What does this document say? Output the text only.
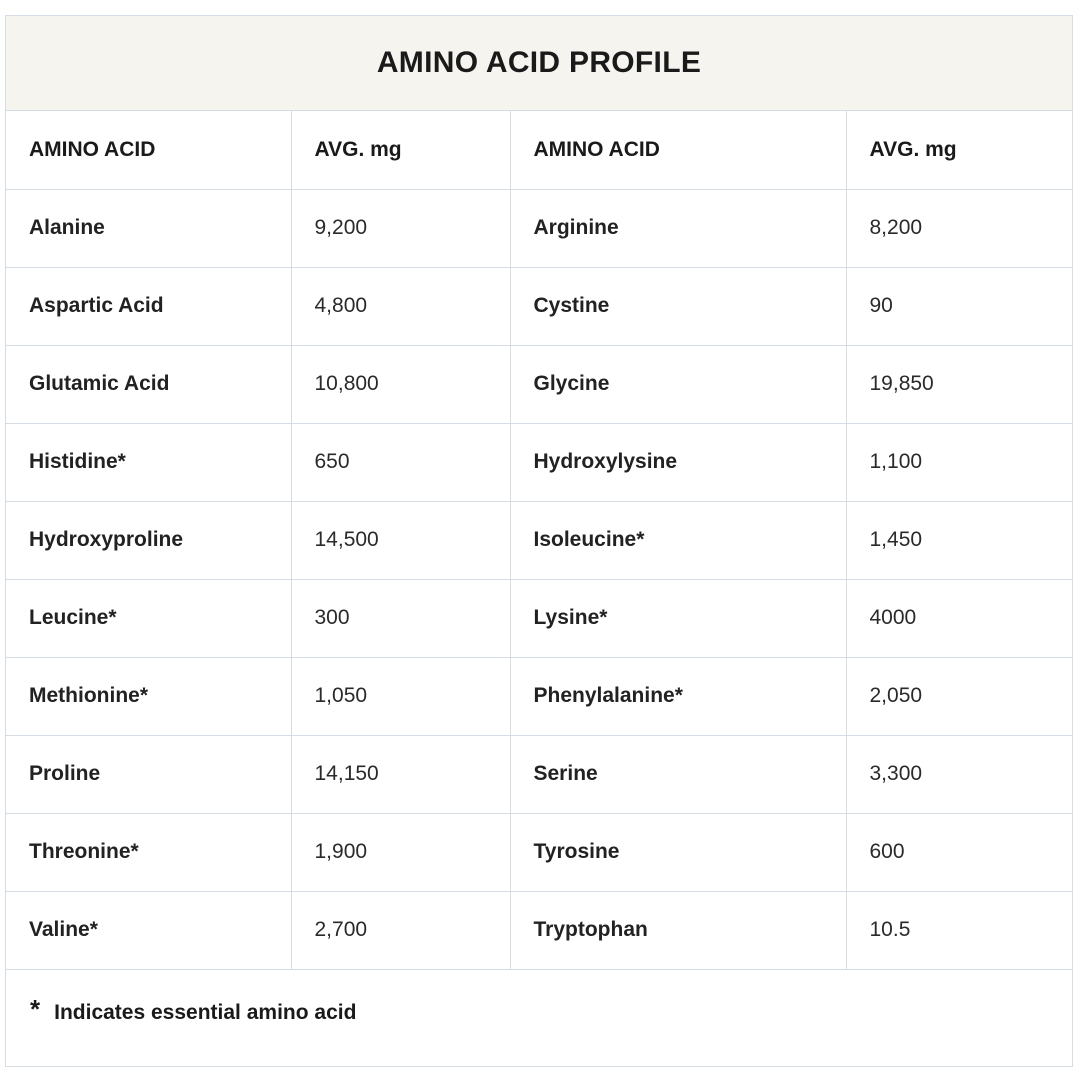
AMINO ACID PROFILE
AMINO ACID	AVG. mg	AMINO ACID	AVG. mg
Alanine	9,200	Arginine	8,200
Aspartic Acid	4,800	Cystine	90
Glutamic Acid	10,800	Glycine	19,850
Histidine*	650	Hydroxylysine	1,100
Hydroxyproline	14,500	Isoleucine*	1,450
Leucine*	300	Lysine*	4000
Methionine*	1,050	Phenylalanine*	2,050
Proline	14,150	Serine	3,300
Threonine*	1,900	Tyrosine	600
Valine*	2,700	Tryptophan	10.5
* Indicates essential amino acid
